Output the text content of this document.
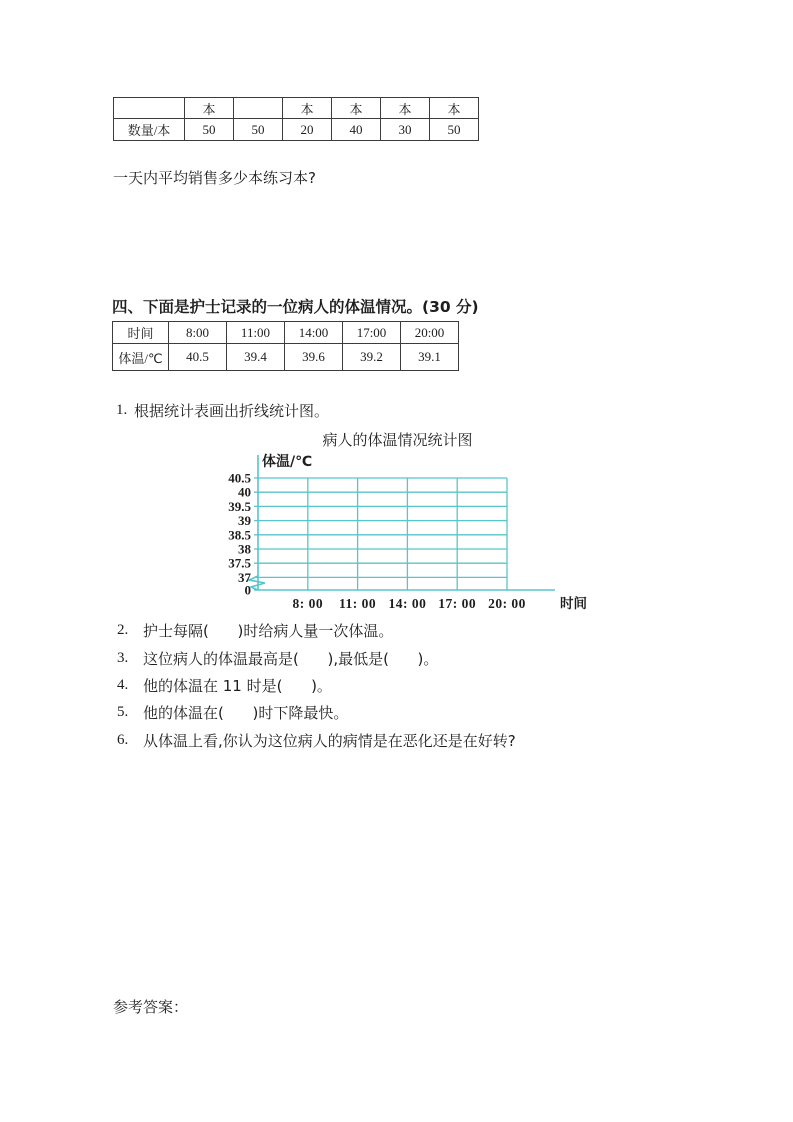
	本		本	本	本	本
数量/本	50	50	20	40	30	50
一天内平均销售多少本练习本?
四、下面是护士记录的一位病人的体温情况。(30 分)
时间	8:00	11:00	14:00	17:00	20:00
体温/℃	40.5	39.4	39.6	39.2	39.1
1. 根据统计表画出折线统计图。
病人的体温情况统计图
40.5
40
39.5
39
38.5
38
37.5
37
0
体温/℃
时间
8: 00 11: 00 14: 00 17: 00 20: 00
2. 护士每隔(      )时给病人量一次体温。
3. 这位病人的体温最高是(      ),最低是(      )。
4. 他的体温在 11 时是(      )。
5. 他的体温在(      )时下降最快。
6. 从体温上看,你认为这位病人的病情是在恶化还是在好转?
参考答案：
